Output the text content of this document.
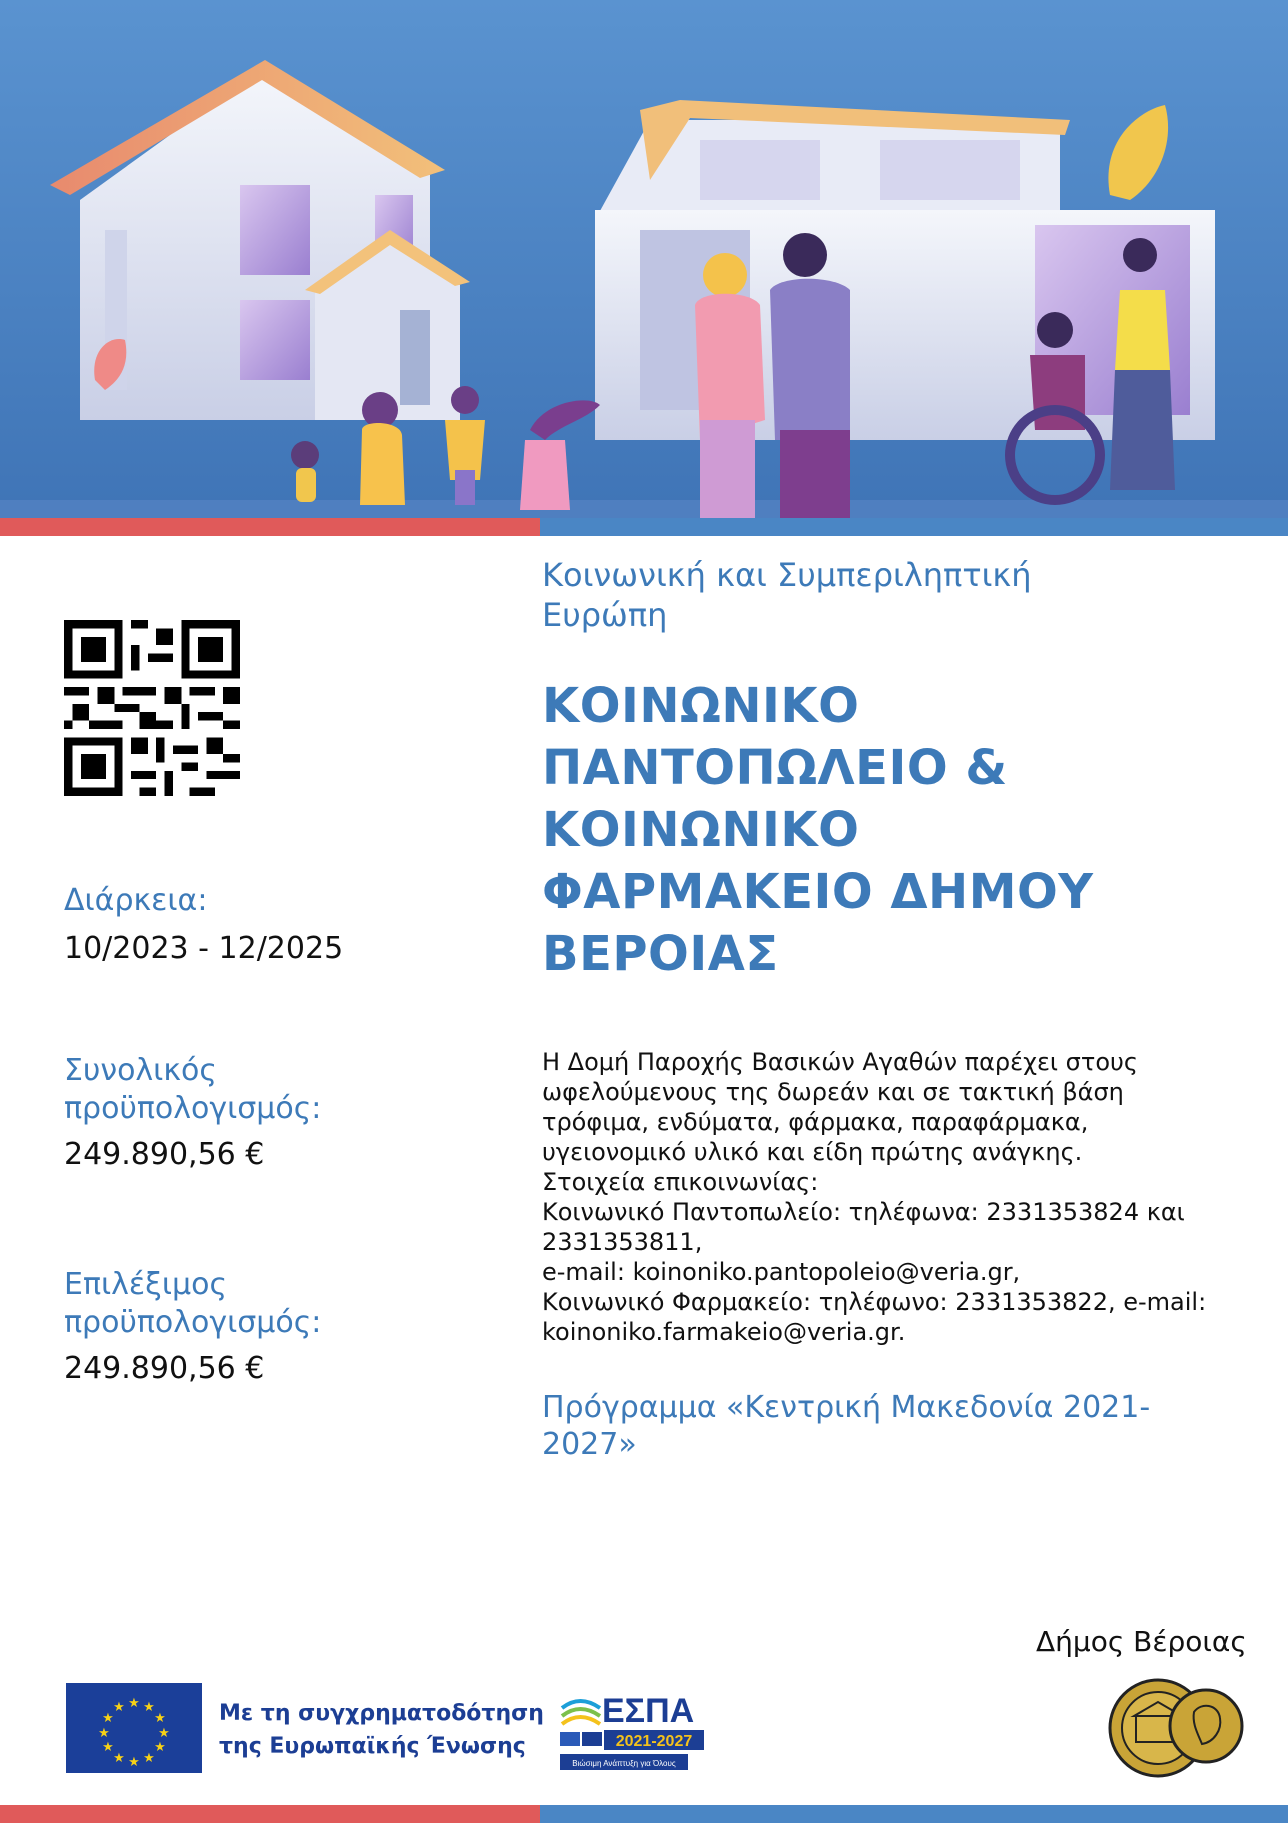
Διάρκεια:
10/2023 - 12/2025
Συνολικός
προϋπολογισμός:
249.890,56 €
Επιλέξιμος
προϋπολογισμός:
249.890,56 €
Κοινωνική και Συμπεριληπτική Ευρώπη
ΚΟΙΝΩΝΙΚΟ
ΠΑΝΤΟΠΩΛΕΙΟ &
ΚΟΙΝΩΝΙΚΟ
ΦΑΡΜΑΚΕΙΟ ΔΗΜΟΥ
ΒΕΡΟΙΑΣ
Η Δομή Παροχής Βασικών Αγαθών παρέχει στους
ωφελούμενους της δωρεάν και σε τακτική βάση
τρόφιμα, ενδύματα, φάρμακα, παραφάρμακα,
υγειονομικό υλικό και είδη πρώτης ανάγκης.
Στοιχεία επικοινωνίας:
Κοινωνικό Παντοπωλείο: τηλέφωνα: 2331353824 και
2331353811,
e-mail: koinoniko.pantopoleio@veria.gr,
Κοινωνικό Φαρμακείο: τηλέφωνο: 2331353822, e-mail:
koinoniko.farmakeio@veria.gr.
Πρόγραμμα «Κεντρική Μακεδονία 2021-
2027»
Δήμος Βέροιας
★ ★
★
★
★
★
★
★
★
★
★
★	Με τη συγχρηματοδότηση
της Ευρωπαϊκής Ένωσης
ΕΣΠΑ
2021-2027
Βιώσιμη Ανάπτυξη για Όλους
